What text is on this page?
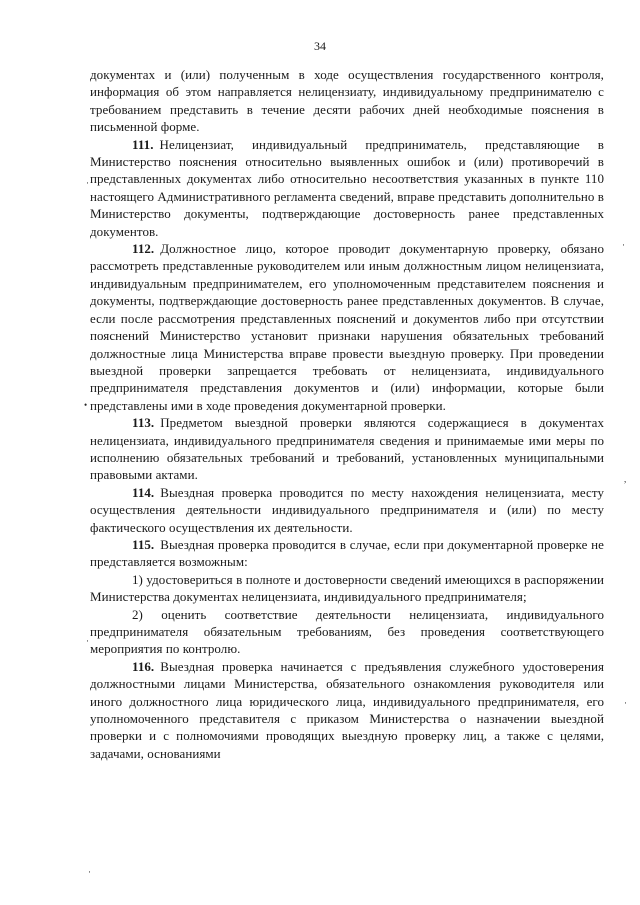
34

документах и (или) полученным в ходе осуществления государственного контроля, информация об этом направляется нелицензиату, индивидуальному предпринимателю с требованием представить в течение десяти рабочих дней необходимые пояснения в письменной форме.

111. Нелицензиат, индивидуальный предприниматель, представляющие в Министерство пояснения относительно выявленных ошибок и (или) противоречий в представленных документах либо относительно несоответствия указанных в пункте 110 настоящего Административного регламента сведений, вправе представить дополнительно в Министерство документы, подтверждающие достоверность ранее представленных документов.

112. Должностное лицо, которое проводит документарную проверку, обязано рассмотреть представленные руководителем или иным должностным лицом нелицензиата, индивидуальным предпринимателем, его уполномоченным представителем пояснения и документы, подтверждающие достоверность ранее представленных документов. В случае, если после рассмотрения представленных пояснений и документов либо при отсутствии пояснений Министерство установит признаки нарушения обязательных требований должностные лица Министерства вправе провести выездную проверку. При проведении выездной проверки запрещается требовать от нелицензиата, индивидуального предпринимателя представления документов и (или) информации, которые были представлены ими в ходе проведения документарной проверки.

113. Предметом выездной проверки являются содержащиеся в документах нелицензиата, индивидуального предпринимателя сведения и принимаемые ими меры по исполнению обязательных требований и требований, установленных муниципальными правовыми актами.

114. Выездная проверка проводится по месту нахождения нелицензиата, месту осуществления деятельности индивидуального предпринимателя и (или) по месту фактического осуществления их деятельности.

115. Выездная проверка проводится в случае, если при документарной проверке не представляется возможным:

1) удостовериться в полноте и достоверности сведений имеющихся в распоряжении Министерства документах нелицензиата, индивидуального предпринимателя;

2) оценить соответствие деятельности нелицензиата, индивидуального предпринимателя обязательным требованиям, без проведения соответствующего мероприятия по контролю.

116. Выездная проверка начинается с предъявления служебного удостоверения должностными лицами Министерства, обязательного ознакомления руководителя или иного должностного лица юридического лица, индивидуального предпринимателя, его уполномоченного представителя с приказом Министерства о назначении выездной проверки и с полномочиями проводящих выездную проверку лиц, а также с целями, задачами, основаниями

·
•
·
,
·
·
·
